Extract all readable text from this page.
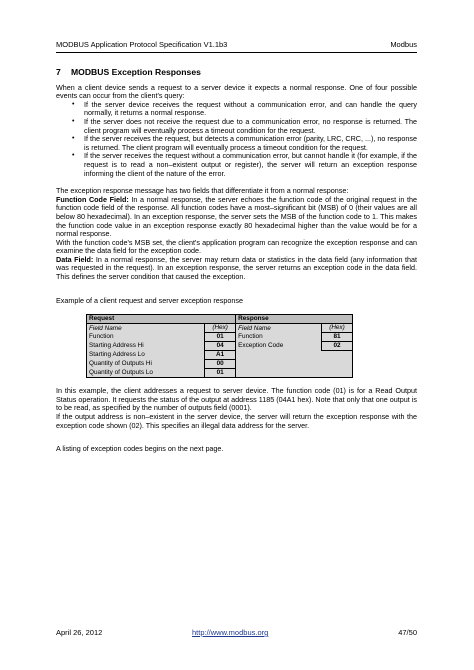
MODBUS Application Protocol Specification V1.1b3	Modbus
7 MODBUS Exception Responses

When a client device sends a request to a server device it expects a normal response. One of four possible events can occur from the client's query:

• If the server device receives the request without a communication error, and can handle the query normally, it returns a normal response.
• If the server does not receive the request due to a communication error, no response is returned. The client program will eventually process a timeout condition for the request.
• If the server receives the request, but detects a communication error (parity, LRC, CRC, ...), no response is returned. The client program will eventually process a timeout condition for the request.
• If the server receives the request without a communication error, but cannot handle it (for example, if the request is to read a non–existent output or register), the server will return an exception response informing the client of the nature of the error.

The exception response message has two fields that differentiate it from a normal response:

Function Code Field: In a normal response, the server echoes the function code of the original request in the function code field of the response. All function codes have a most–significant bit (MSB) of 0 (their values are all below 80 hexadecimal). In an exception response, the server sets the MSB of the function code to 1. This makes the function code value in an exception response exactly 80 hexadecimal higher than the value would be for a normal response.

With the function code's MSB set, the client's application program can recognize the exception response and can examine the data field for the exception code.

Data Field: In a normal response, the server may return data or statistics in the data field (any information that was requested in the request). In an exception response, the server returns an exception code in the data field. This defines the server condition that caused the exception.

Example of a client request and server exception response

Request		Response	
Field Name	(Hex)	Field Name	(Hex)
Function	01	Function	81
Starting Address Hi	04	Exception Code	02
Starting Address Lo	A1		
Quantity of Outputs Hi	00		
Quantity of Outputs Lo	01		

In this example, the client addresses a request to server device. The function code (01) is for a Read Output Status operation. It requests the status of the output at address 1185 (04A1 hex). Note that only that one output is to be read, as specified by the number of outputs field (0001).

If the output address is non–existent in the server device, the server will return the exception response with the exception code shown (02). This specifies an illegal data address for the server.

A listing of exception codes begins on the next page.

April 26, 2012	http://www.modbus.org	47/50
